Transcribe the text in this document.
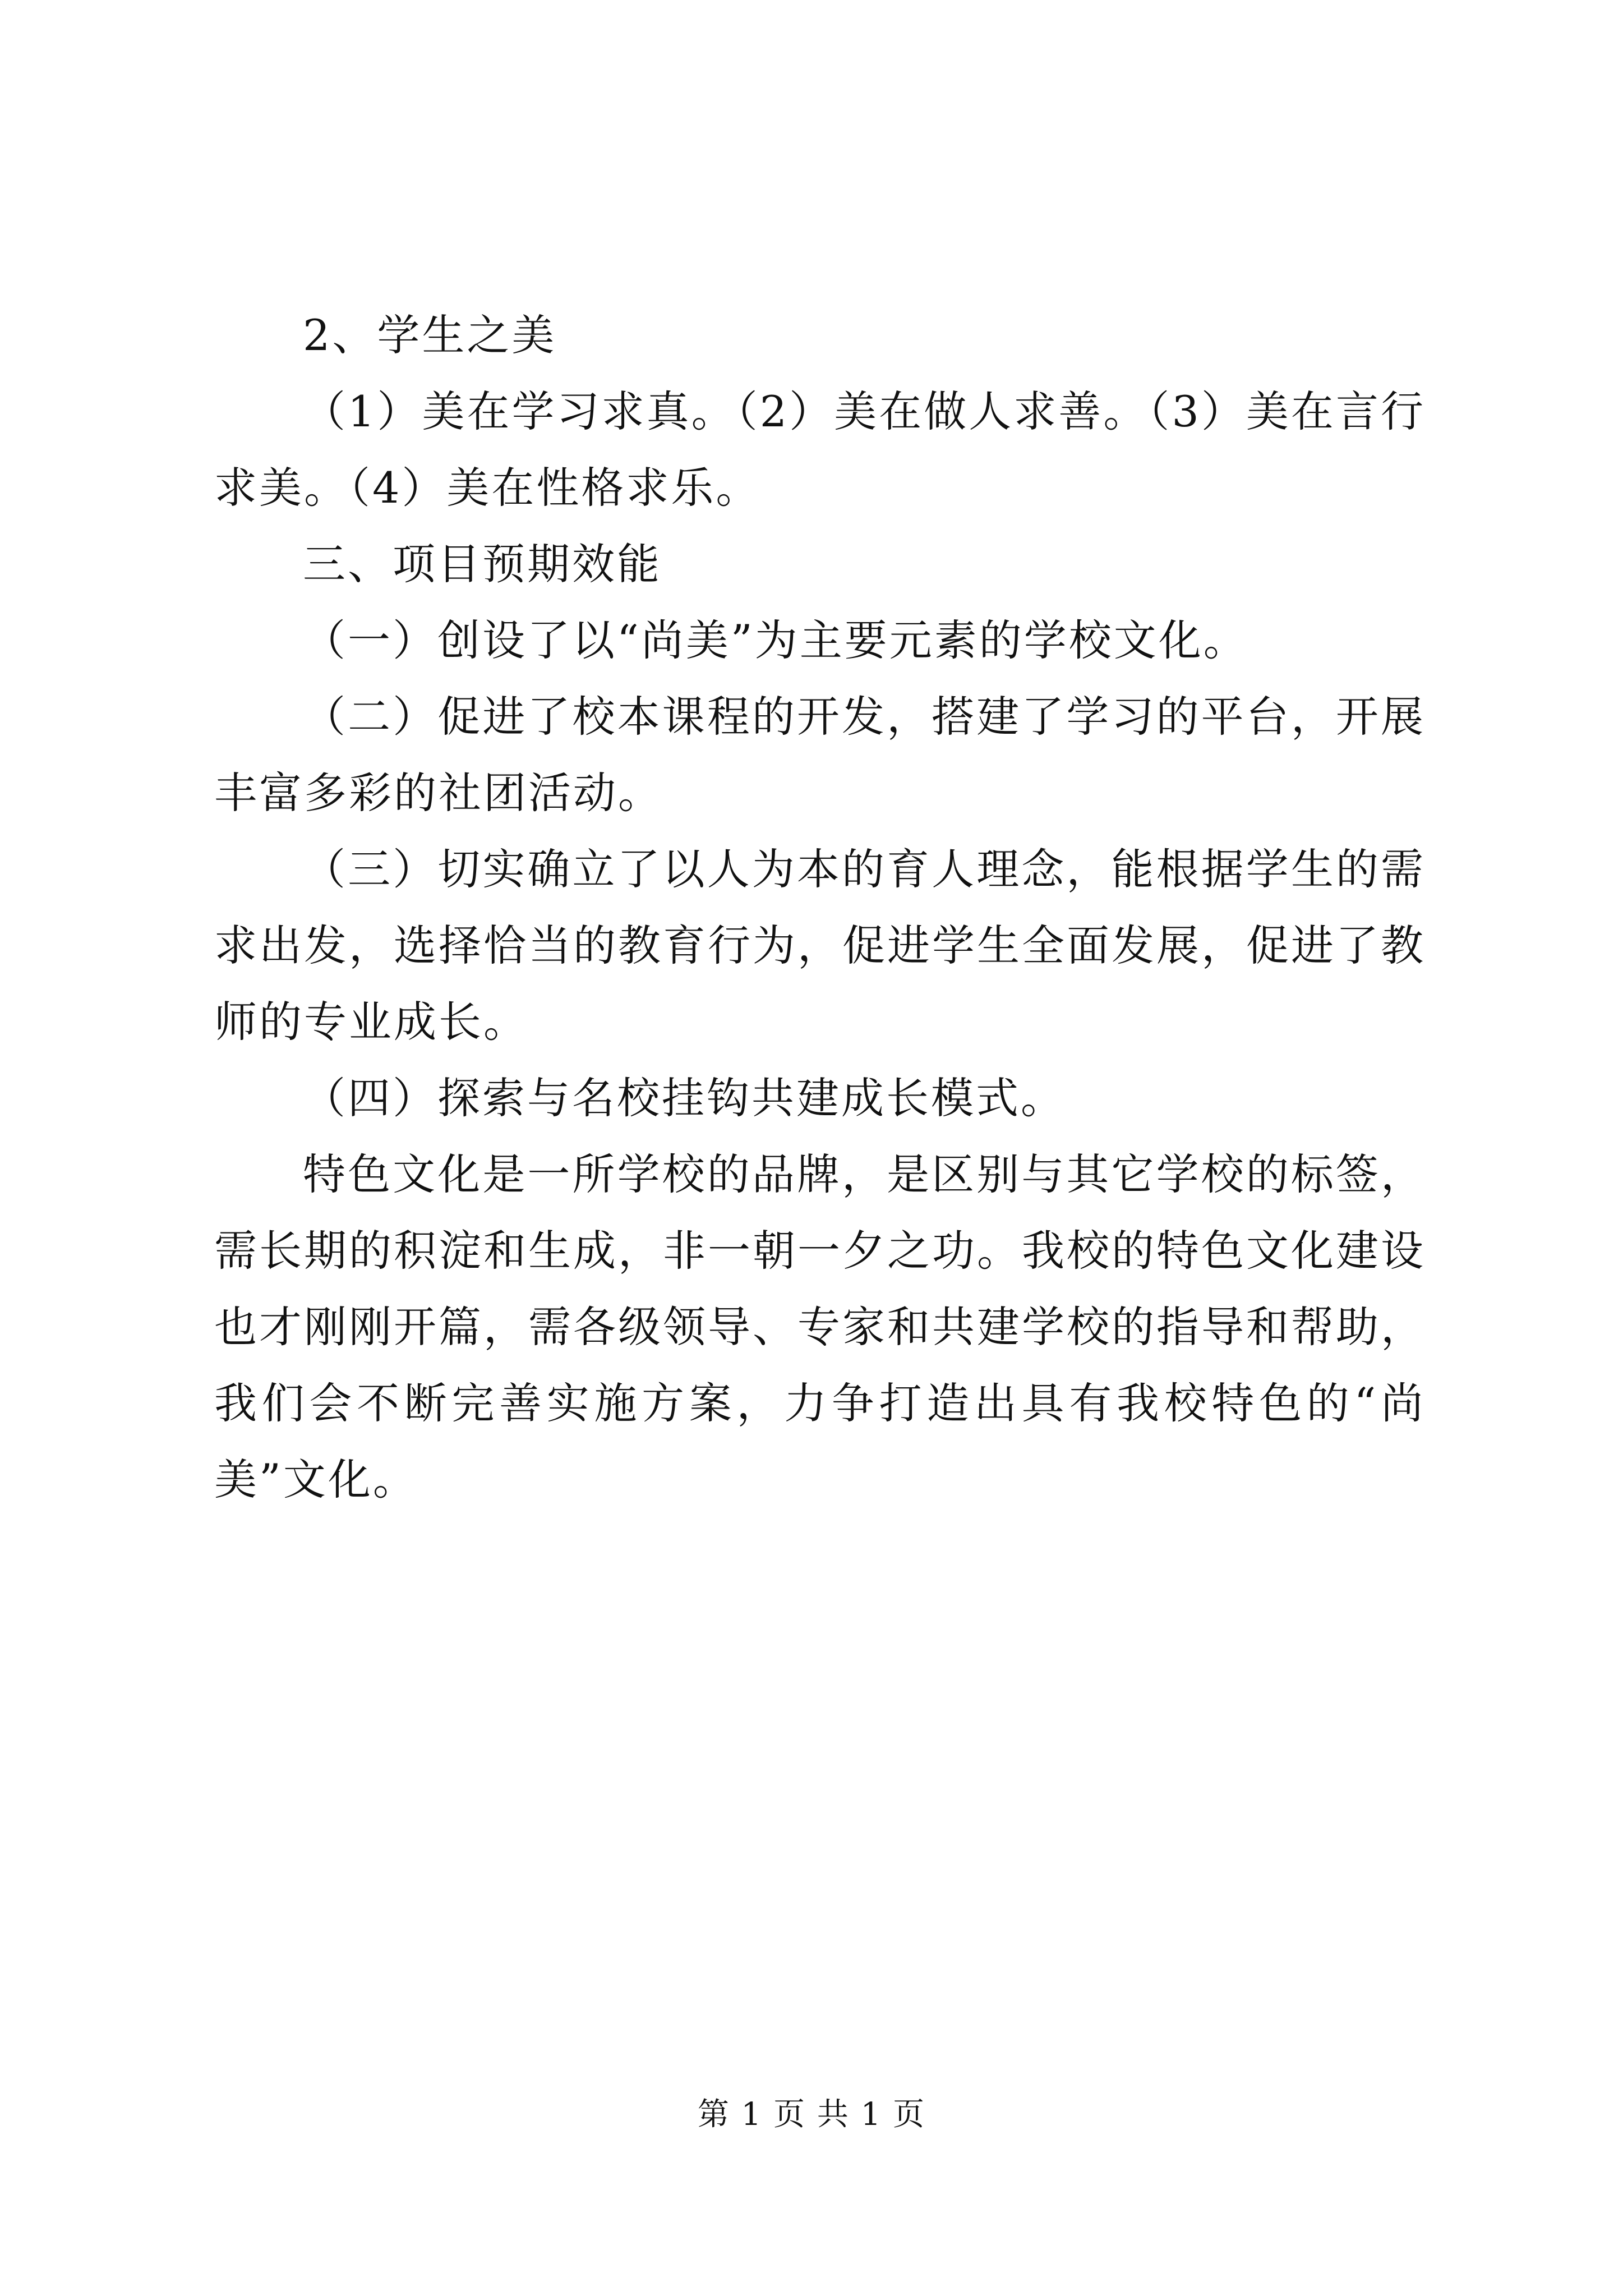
2、学生之美

（1）美在学习求真。（2）美在做人求善。（3）美在言行求美。（4）美在性格求乐。

三、项目预期效能

（一）创设了以“尚美”为主要元素的学校文化。

（二）促进了校本课程的开发，搭建了学习的平台，开展丰富多彩的社团活动。

（三）切实确立了以人为本的育人理念，能根据学生的需求出发，选择恰当的教育行为，促进学生全面发展，促进了教师的专业成长。

（四）探索与名校挂钩共建成长模式。

特色文化是一所学校的品牌，是区别与其它学校的标签，需长期的积淀和生成，非一朝一夕之功。我校的特色文化建设也才刚刚开篇，需各级领导、专家和共建学校的指导和帮助，我们会不断完善实施方案，力争打造出具有我校特色的“尚美”文化。

第 1 页 共 1 页
